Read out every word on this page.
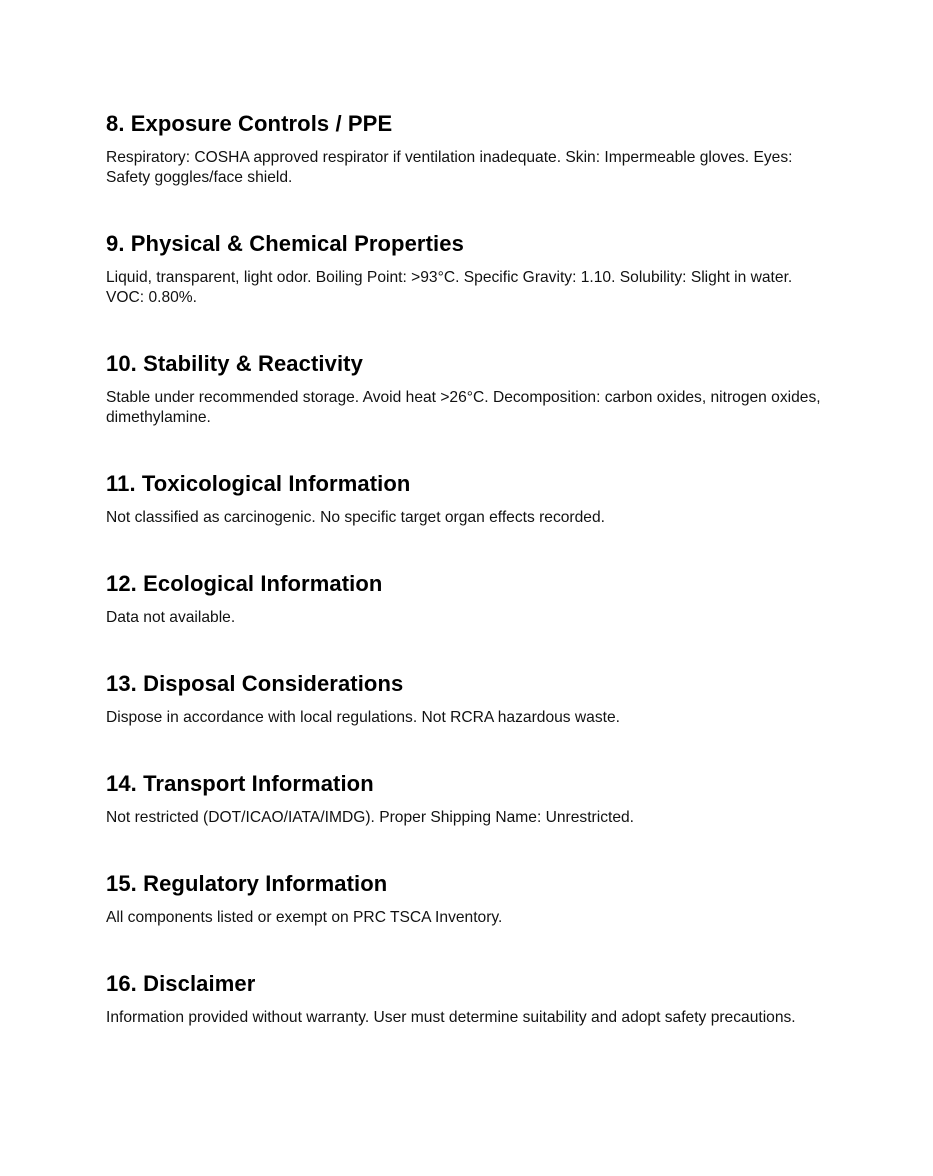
8. Exposure Controls / PPE

Respiratory: COSHA approved respirator if ventilation inadequate. Skin: Impermeable gloves. Eyes: Safety goggles/face shield.

9. Physical & Chemical Properties

Liquid, transparent, light odor. Boiling Point: >93°C. Specific Gravity: 1.10. Solubility: Slight in water. VOC: 0.80%.

10. Stability & Reactivity

Stable under recommended storage. Avoid heat >26°C. Decomposition: carbon oxides, nitrogen oxides, dimethylamine.

11. Toxicological Information

Not classified as carcinogenic. No specific target organ effects recorded.

12. Ecological Information

Data not available.

13. Disposal Considerations

Dispose in accordance with local regulations. Not RCRA hazardous waste.

14. Transport Information

Not restricted (DOT/ICAO/IATA/IMDG). Proper Shipping Name: Unrestricted.

15. Regulatory Information

All components listed or exempt on PRC TSCA Inventory.

16. Disclaimer

Information provided without warranty. User must determine suitability and adopt safety precautions.
